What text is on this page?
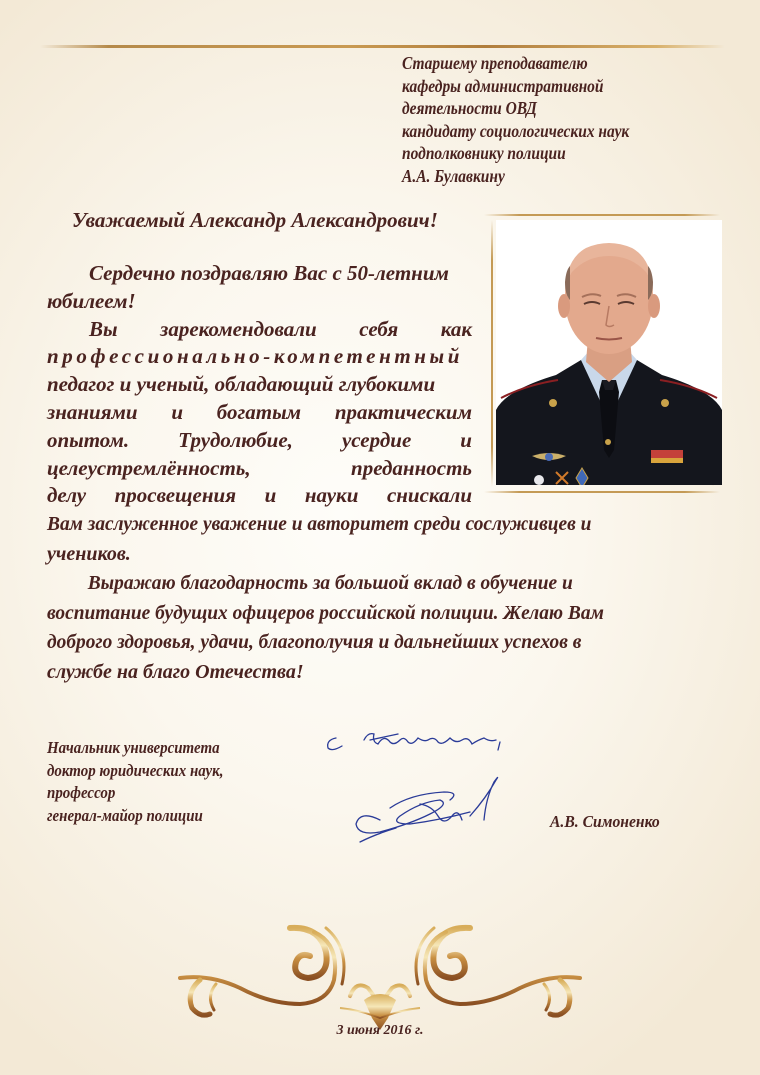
Старшему преподавателю
кафедры административной
деятельности ОВД
кандидату социологических наук
подполковнику полиции
А.А. Булавкину
Уважаемый Александр Александрович!
Сердечно поздравляю Вас с 50-летним
юбилеем!
Вы зарекомендовали себя как
профессионально-компетентный
педагог и ученый, обладающий глубокими
знаниями и богатым практическим
опытом. Трудолюбие, усердие и
целеустремлённость,	преданность
делу просвещения и науки снискали
Вам заслуженное уважение и авторитет среди сослуживцев и
учеников.
Выражаю благодарность за большой вклад в обучение и
воспитание будущих офицеров российской полиции. Желаю Вам
доброго здоровья, удачи, благополучия и дальнейших успехов в
службе на благо Отечества!
Начальник университета
доктор юридических наук,
профессор
генерал-майор полиции	А.В. Симоненко
3 июня 2016 г.
